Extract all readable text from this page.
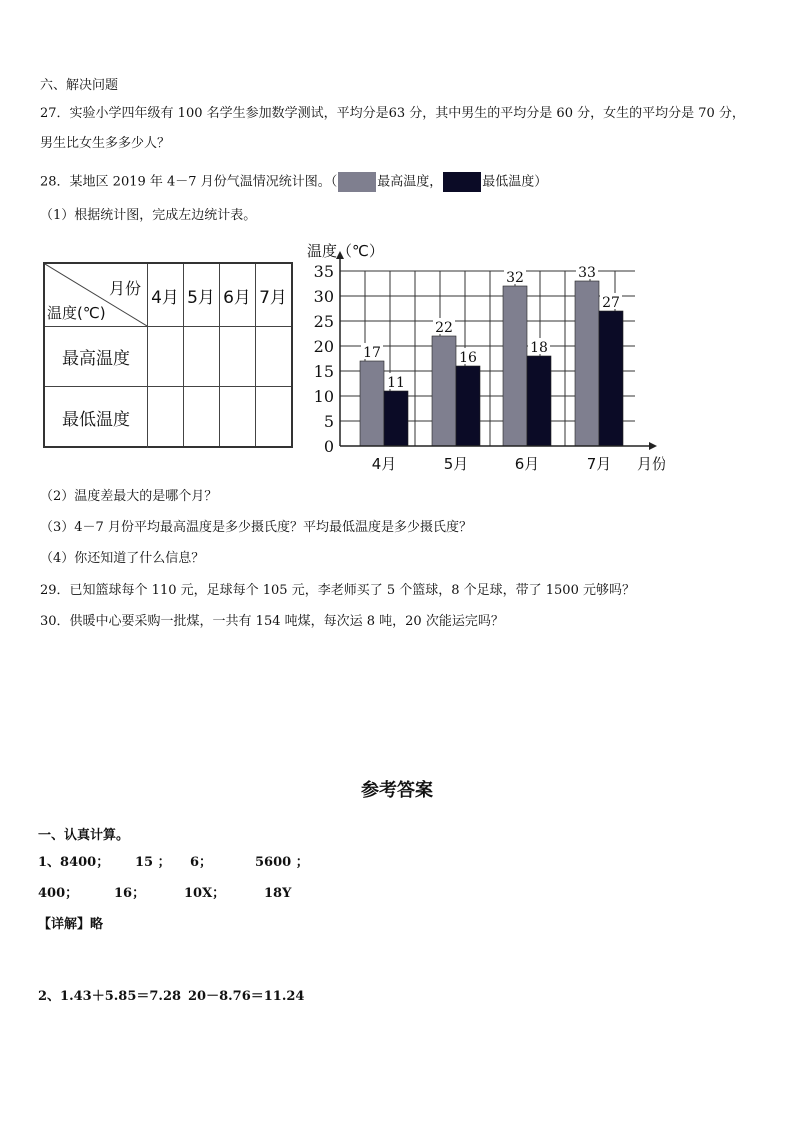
六、解决问题
27．实验小学四年级有 100 名学生参加数学测试，平均分是63 分，其中男生的平均分是 60 分，女生的平均分是 70 分，
男生比女生多多少人？
28．某地区 2019 年 4－7 月份气温情况统计图。（	最高温度，	最低温度）
（1）根据统计图，完成左边统计表。
月份
温度(℃)
4月 5月 6月 7月
最高温度
最低温度
17
11
22
16
32
18
33
27
0
5
10
15
20
25
30
35
温度（℃）
月份
4月	5月	6月	7月
（2）温度差最大的是哪个月？
（3）4－7 月份平均最高温度是多少摄氏度？平均最低温度是多少摄氏度？
（4）你还知道了什么信息？
29．已知篮球每个 110 元，足球每个 105 元，李老师买了 5 个篮球，8 个足球，带了 1500 元够吗？
30．供暖中心要采购一批煤，一共有 154 吨煤，每次运 8 吨，20 次能运完吗？
参考答案
一、认真计算。
1、8400； 15 ； 6；	5600 ；
400；	16；	10X；	18Y
【详解】略
2、1.43＋5.85＝7.28 20－8.76＝11.24
